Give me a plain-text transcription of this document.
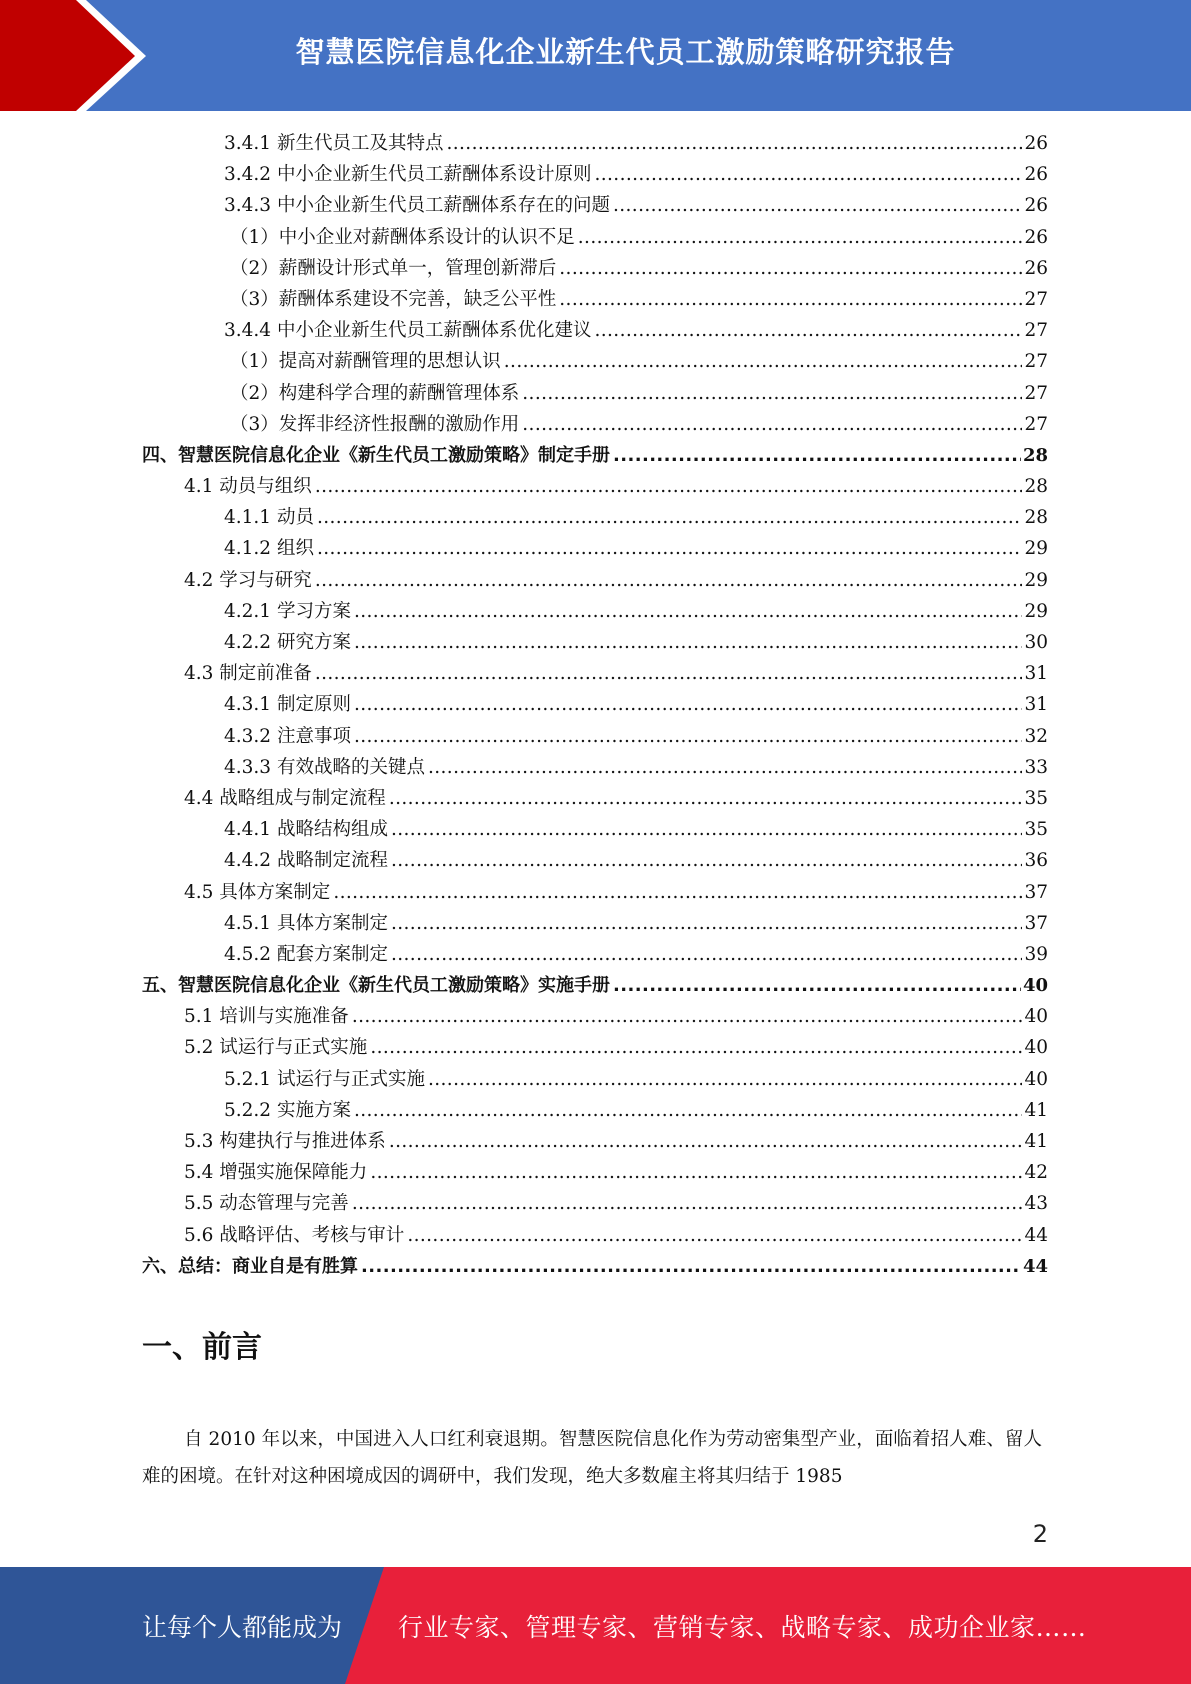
智慧医院信息化企业新生代员工激励策略研究报告
3.4.1 新生代员工及其特点 .....	26
3.4.2 中小企业新生代员工薪酬体系设计原则 .....	26
3.4.3 中小企业新生代员工薪酬体系存在的问题 .....	26
（1）中小企业对薪酬体系设计的认识不足 .....	26
（2）薪酬设计形式单一，管理创新滞后 .....	26
（3）薪酬体系建设不完善，缺乏公平性 .....	27
3.4.4 中小企业新生代员工薪酬体系优化建议 .....	27
（1）提高对薪酬管理的思想认识 .....	27
（2）构建科学合理的薪酬管理体系 .....	27
（3）发挥非经济性报酬的激励作用 .....	27
四、智慧医院信息化企业《新生代员工激励策略》制定手册 .....	28
4.1 动员与组织 .....	28
4.1.1 动员 .....	28
4.1.2 组织 .....	29
4.2 学习与研究 .....	29
4.2.1 学习方案 .....	29
4.2.2 研究方案 .....	30
4.3 制定前准备 .....	31
4.3.1 制定原则 .....	31
4.3.2 注意事项 .....	32
4.3.3 有效战略的关键点 .....	33
4.4 战略组成与制定流程 .....	35
4.4.1 战略结构组成 .....	35
4.4.2 战略制定流程 .....	36
4.5 具体方案制定 .....	37
4.5.1 具体方案制定 .....	37
4.5.2 配套方案制定 .....	39
五、智慧医院信息化企业《新生代员工激励策略》实施手册 .....	40
5.1 培训与实施准备 .....	40
5.2 试运行与正式实施 .....	40
5.2.1 试运行与正式实施 .....	40
5.2.2 实施方案 .....	41
5.3 构建执行与推进体系 .....	41
5.4 增强实施保障能力 .....	42
5.5 动态管理与完善 .....	43
5.6 战略评估、考核与审计 .....	44
六、总结：商业自是有胜算 .....	44
一、前言

自 2010 年以来，中国进入人口红利衰退期。智慧医院信息化作为劳动密集型产业，面临着招人难、留人难的困境。在针对这种困境成因的调研中，我们发现，绝大多数雇主将其归结于 1985

2
让每个人都能成为 行业专家、管理专家、营销专家、战略专家、成功企业家……
